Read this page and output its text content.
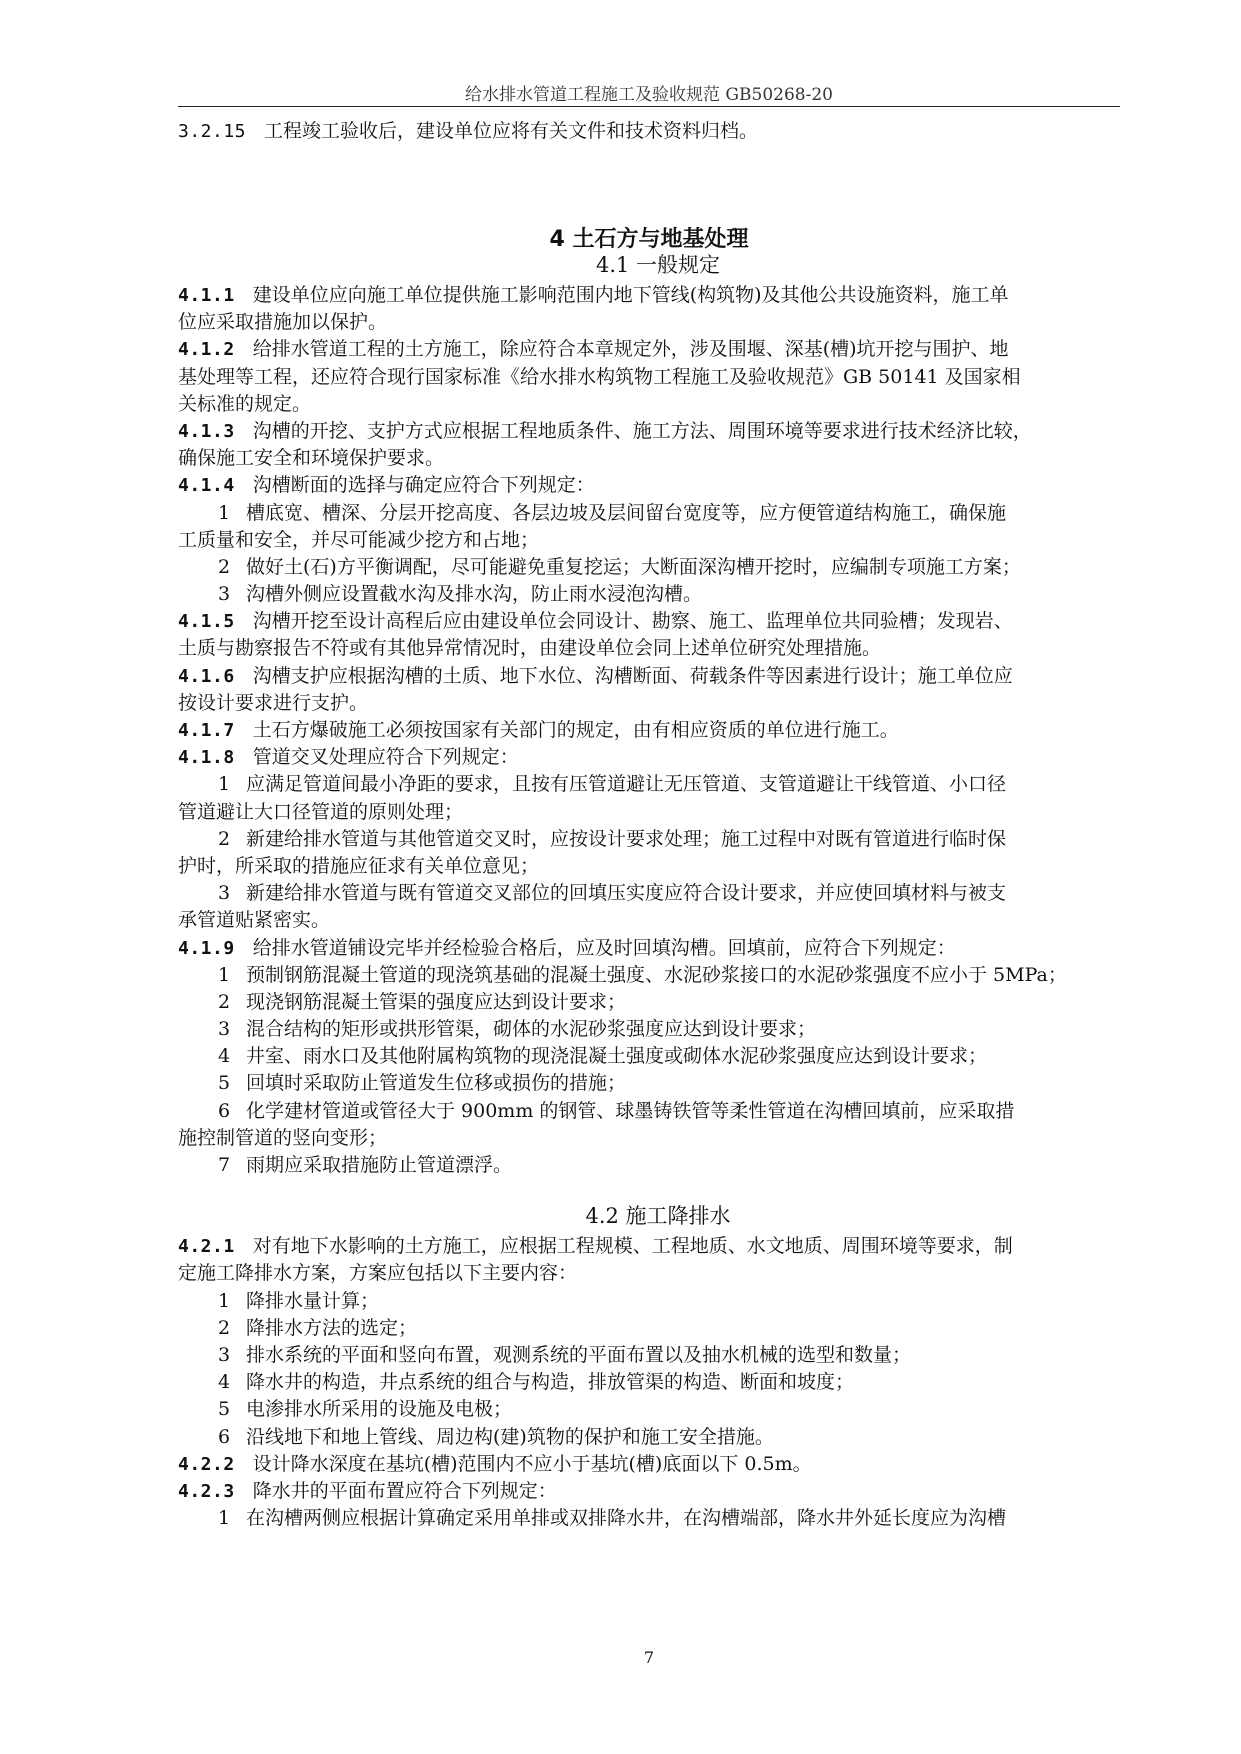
给水排水管道工程施工及验收规范 GB50268-20
3.2.15 工程竣工验收后，建设单位应将有关文件和技术资料归档。
4 土石方与地基处理
4.1 一般规定
4.1.1 建设单位应向施工单位提供施工影响范围内地下管线(构筑物)及其他公共设施资料，施工单
位应采取措施加以保护。
4.1.2 给排水管道工程的土方施工，除应符合本章规定外，涉及围堰、深基(槽)坑开挖与围护、地
基处理等工程，还应符合现行国家标准《给水排水构筑物工程施工及验收规范》GB 50141 及国家相
关标准的规定。
4.1.3 沟槽的开挖、支护方式应根据工程地质条件、施工方法、周围环境等要求进行技术经济比较，
确保施工安全和环境保护要求。
4.1.4 沟槽断面的选择与确定应符合下列规定：
1 槽底宽、槽深、分层开挖高度、各层边坡及层间留台宽度等，应方便管道结构施工，确保施
工质量和安全，并尽可能减少挖方和占地；
2 做好土(石)方平衡调配，尽可能避免重复挖运；大断面深沟槽开挖时，应编制专项施工方案；
3 沟槽外侧应设置截水沟及排水沟，防止雨水浸泡沟槽。
4.1.5 沟槽开挖至设计高程后应由建设单位会同设计、勘察、施工、监理单位共同验槽；发现岩、
土质与勘察报告不符或有其他异常情况时，由建设单位会同上述单位研究处理措施。
4.1.6 沟槽支护应根据沟槽的土质、地下水位、沟槽断面、荷载条件等因素进行设计；施工单位应
按设计要求进行支护。
4.1.7 土石方爆破施工必须按国家有关部门的规定，由有相应资质的单位进行施工。
4.1.8 管道交叉处理应符合下列规定：
1 应满足管道间最小净距的要求，且按有压管道避让无压管道、支管道避让干线管道、小口径
管道避让大口径管道的原则处理；
2 新建给排水管道与其他管道交叉时，应按设计要求处理；施工过程中对既有管道进行临时保
护时，所采取的措施应征求有关单位意见；
3 新建给排水管道与既有管道交叉部位的回填压实度应符合设计要求，并应使回填材料与被支
承管道贴紧密实。
4.1.9 给排水管道铺设完毕并经检验合格后，应及时回填沟槽。回填前，应符合下列规定：
1 预制钢筋混凝土管道的现浇筑基础的混凝土强度、水泥砂浆接口的水泥砂浆强度不应小于 5MPa；
2 现浇钢筋混凝土管渠的强度应达到设计要求；
3 混合结构的矩形或拱形管渠，砌体的水泥砂浆强度应达到设计要求；
4 井室、雨水口及其他附属构筑物的现浇混凝土强度或砌体水泥砂浆强度应达到设计要求；
5 回填时采取防止管道发生位移或损伤的措施；
6 化学建材管道或管径大于 900mm 的钢管、球墨铸铁管等柔性管道在沟槽回填前，应采取措
施控制管道的竖向变形；
7 雨期应采取措施防止管道漂浮。
4.2 施工降排水
4.2.1 对有地下水影响的土方施工，应根据工程规模、工程地质、水文地质、周围环境等要求，制
定施工降排水方案，方案应包括以下主要内容：
1 降排水量计算；
2 降排水方法的选定；
3 排水系统的平面和竖向布置，观测系统的平面布置以及抽水机械的选型和数量；
4 降水井的构造，井点系统的组合与构造，排放管渠的构造、断面和坡度；
5 电渗排水所采用的设施及电极；
6 沿线地下和地上管线、周边构(建)筑物的保护和施工安全措施。
4.2.2 设计降水深度在基坑(槽)范围内不应小于基坑(槽)底面以下 0.5m。
4.2.3 降水井的平面布置应符合下列规定：
1 在沟槽两侧应根据计算确定采用单排或双排降水井，在沟槽端部，降水井外延长度应为沟槽
7
